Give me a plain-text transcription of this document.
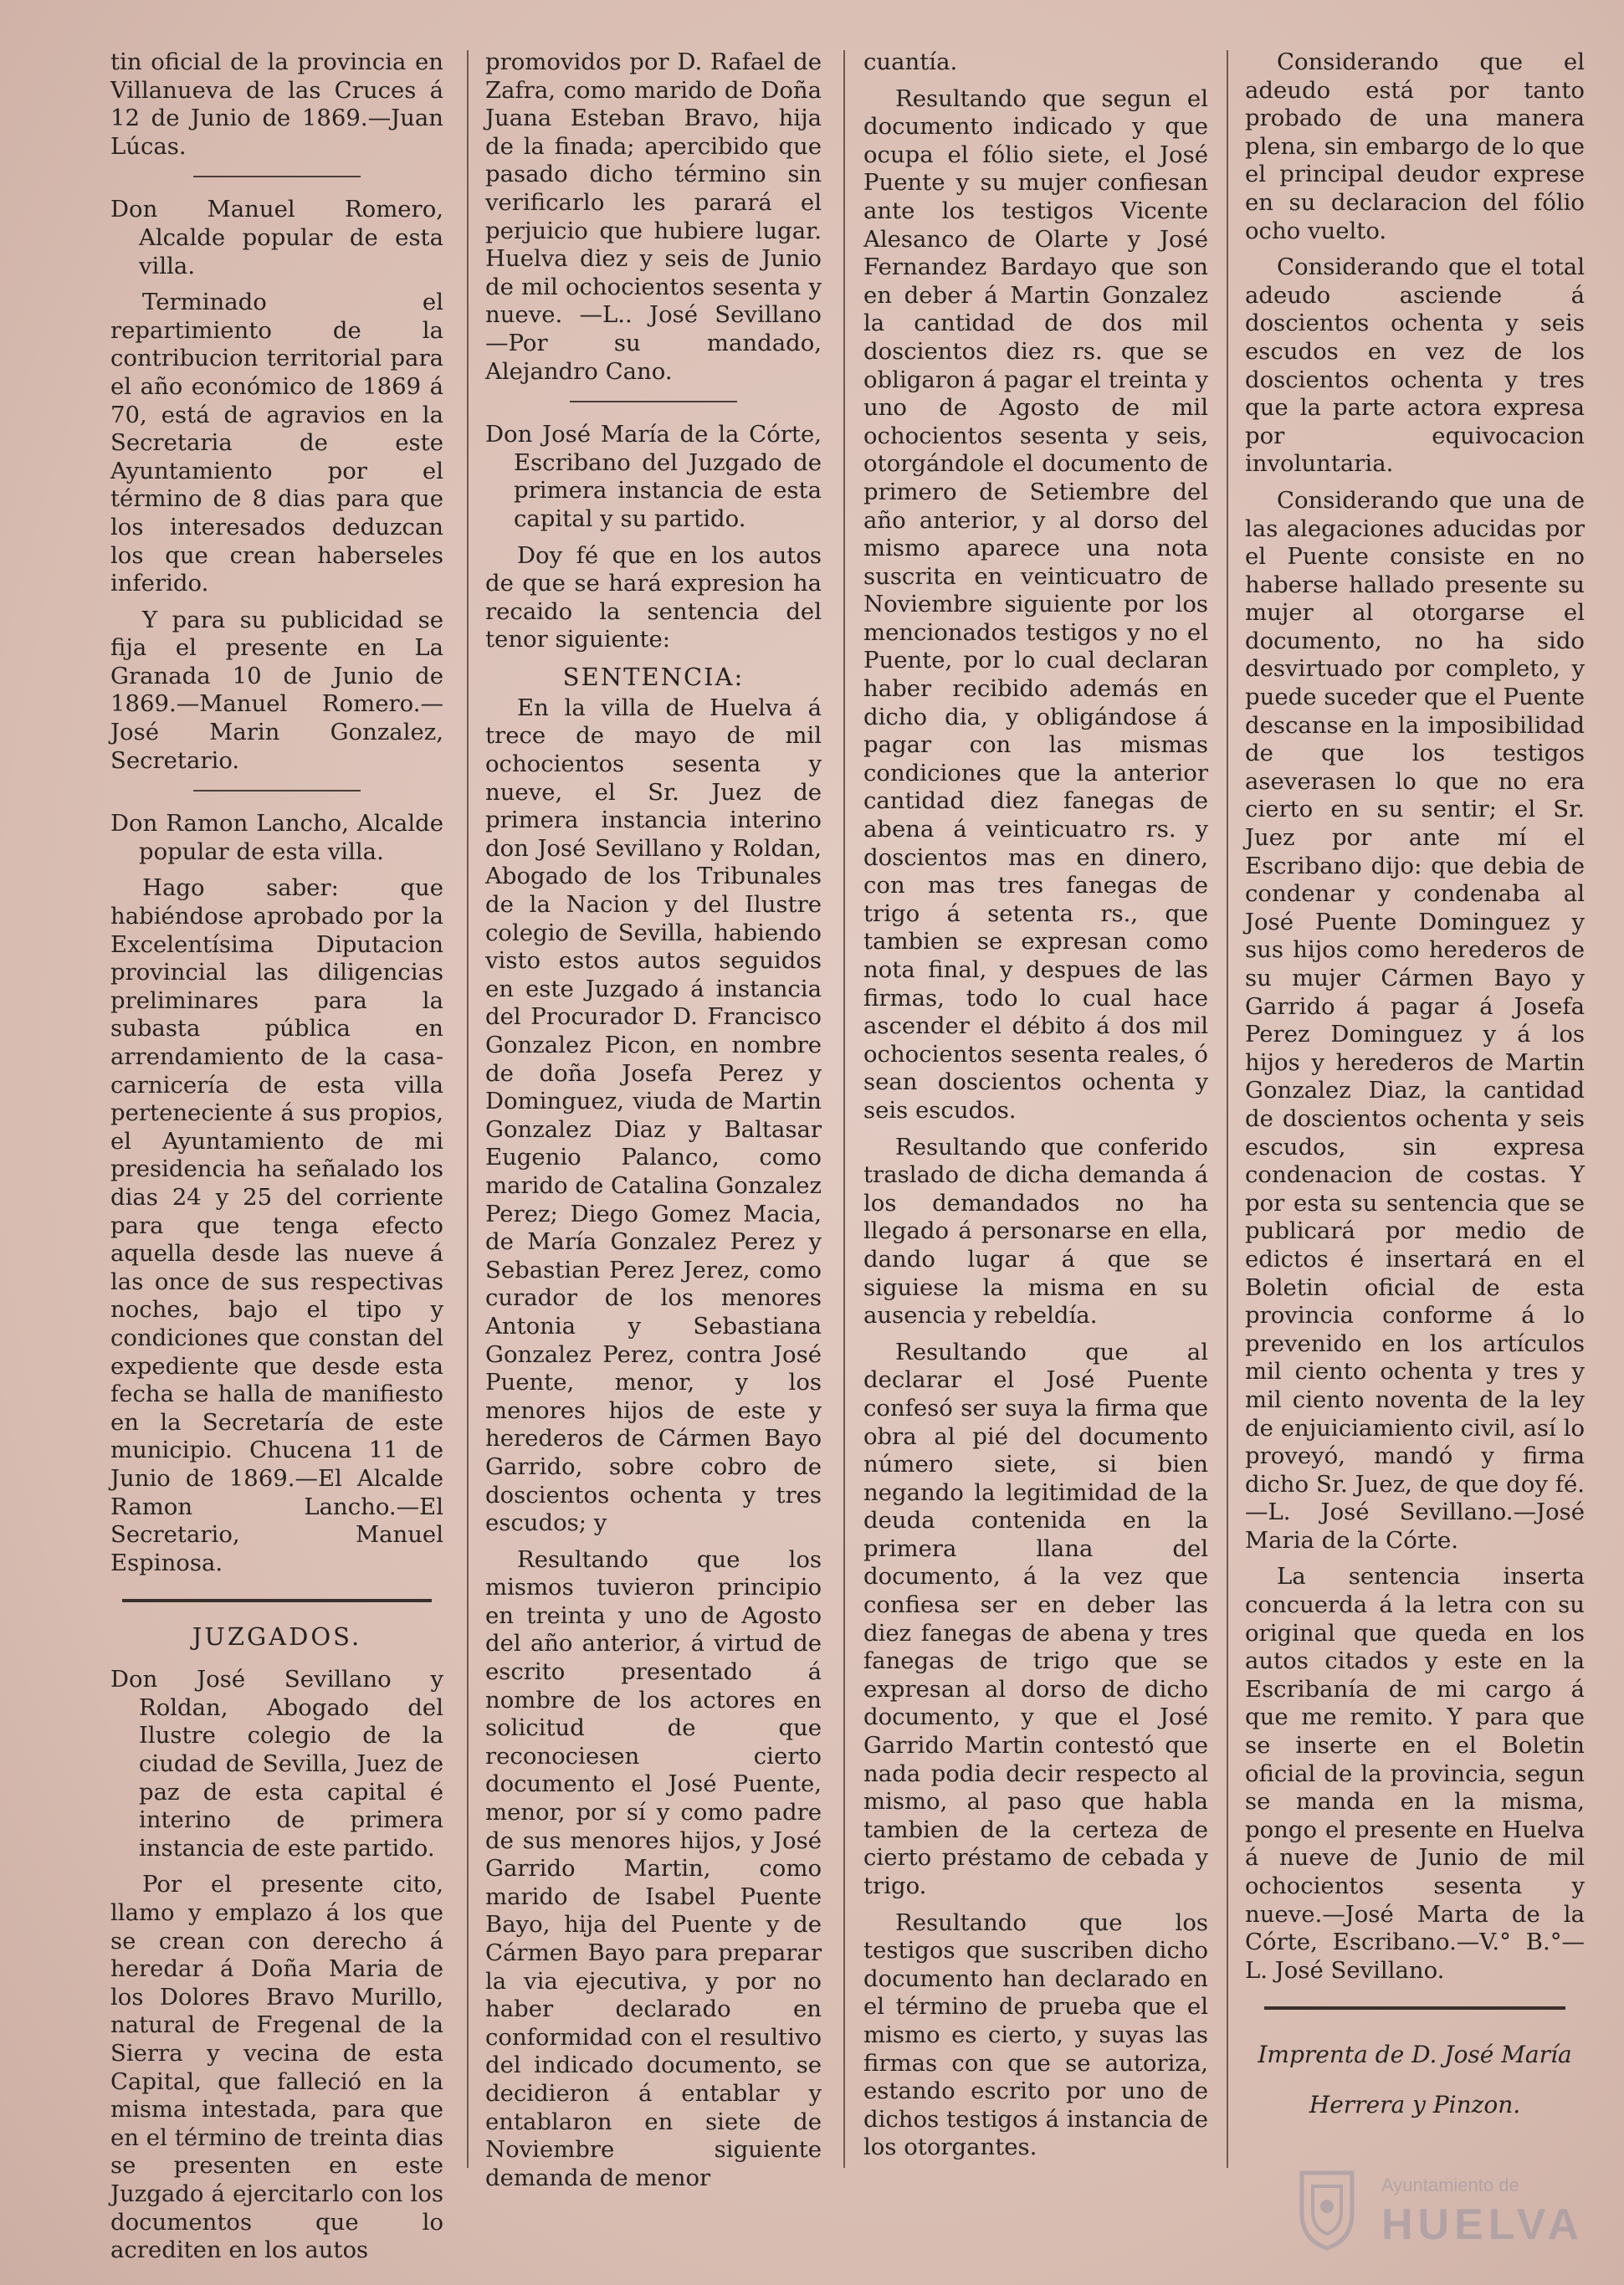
tin oficial de la provincia en Villanueva de las Cruces á 12 de Junio de 1869.—Juan Lúcas.

Don Manuel Romero, Alcalde popular de esta villa.

Terminado el repartimiento de la contribucion territorial para el año económico de 1869 á 70, está de agravios en la Secretaria de este Ayuntamiento por el término de 8 dias para que los interesados deduzcan los que crean haberseles inferido.

Y para su publicidad se fija el presente en La Granada 10 de Junio de 1869.—Manuel Romero.—José Marin Gonzalez, Secretario.

Don Ramon Lancho, Alcalde popular de esta villa.

Hago saber: que habiéndose aprobado por la Excelentísima Diputacion provincial las diligencias preliminares para la subasta pública en arrendamiento de la casa-carnicería de esta villa perteneciente á sus propios, el Ayuntamiento de mi presidencia ha señalado los dias 24 y 25 del corriente para que tenga efecto aquella desde las nueve á las once de sus respectivas noches, bajo el tipo y condiciones que constan del expediente que desde esta fecha se halla de manifiesto en la Secretaría de este municipio. Chucena 11 de Junio de 1869.—El Alcalde Ramon Lancho.—El Secretario, Manuel Espinosa.

JUZGADOS.

Don José Sevillano y Roldan, Abogado del Ilustre colegio de la ciudad de Sevilla, Juez de paz de esta capital é interino de primera instancia de este partido.

Por el presente cito, llamo y emplazo á los que se crean con derecho á heredar á Doña Maria de los Dolores Bravo Murillo, natural de Fregenal de la Sierra y vecina de esta Capital, que falleció en la misma intestada, para que en el término de treinta dias se presenten en este Juzgado á ejercitarlo con los documentos que lo acrediten en los autos

promovidos por D. Rafael de Zafra, como marido de Doña Juana Esteban Bravo, hija de la finada; apercibido que pasado dicho término sin verificarlo les parará el perjuicio que hubiere lugar. Huelva diez y seis de Junio de mil ochocientos sesenta y nueve. —L.. José Sevillano —Por su mandado, Alejandro Cano.

Don José María de la Córte, Escribano del Juzgado de primera instancia de esta capital y su partido.

Doy fé que en los autos de que se hará expresion ha recaido la sentencia del tenor siguiente:

SENTENCIA:

En la villa de Huelva á trece de mayo de mil ochocientos sesenta y nueve, el Sr. Juez de primera instancia interino don José Sevillano y Roldan, Abogado de los Tribunales de la Nacion y del Ilustre colegio de Sevilla, habiendo visto estos autos seguidos en este Juzgado á instancia del Procurador D. Francisco Gonzalez Picon, en nombre de doña Josefa Perez y Dominguez, viuda de Martin Gonzalez Diaz y Baltasar Eugenio Palanco, como marido de Catalina Gonzalez Perez; Diego Gomez Macia, de María Gonzalez Perez y Sebastian Perez Jerez, como curador de los menores Antonia y Sebastiana Gonzalez Perez, contra José Puente, menor, y los menores hijos de este y herederos de Cármen Bayo Garrido, sobre cobro de doscientos ochenta y tres escudos; y

Resultando que los mismos tuvieron principio en treinta y uno de Agosto del año anterior, á virtud de escrito presentado á nombre de los actores en solicitud de que reconociesen cierto documento el José Puente, menor, por sí y como padre de sus menores hijos, y José Garrido Martin, como marido de Isabel Puente Bayo, hija del Puente y de Cármen Bayo para preparar la via ejecutiva, y por no haber declarado en conformidad con el resultivo del indicado documento, se decidieron á entablar y entablaron en siete de Noviembre siguiente demanda de menor

cuantía.

Resultando que segun el documento indicado y que ocupa el fólio siete, el José Puente y su mujer confiesan ante los testigos Vicente Alesanco de Olarte y José Fernandez Bardayo que son en deber á Martin Gonzalez la cantidad de dos mil doscientos diez rs. que se obligaron á pagar el treinta y uno de Agosto de mil ochocientos sesenta y seis, otorgándole el documento de primero de Setiembre del año anterior, y al dorso del mismo aparece una nota suscrita en veinticuatro de Noviembre siguiente por los mencionados testigos y no el Puente, por lo cual declaran haber recibido además en dicho dia, y obligándose á pagar con las mismas condiciones que la anterior cantidad diez fanegas de abena á veinticuatro rs. y doscientos mas en dinero, con mas tres fanegas de trigo á setenta rs., que tambien se expresan como nota final, y despues de las firmas, todo lo cual hace ascender el débito á dos mil ochocientos sesenta reales, ó sean doscientos ochenta y seis escudos.

Resultando que conferido traslado de dicha demanda á los demandados no ha llegado á personarse en ella, dando lugar á que se siguiese la misma en su ausencia y rebeldía.

Resultando que al declarar el José Puente confesó ser suya la firma que obra al pié del documento número siete, si bien negando la legitimidad de la deuda contenida en la primera llana del documento, á la vez que confiesa ser en deber las diez fanegas de abena y tres fanegas de trigo que se expresan al dorso de dicho documento, y que el José Garrido Martin contestó que nada podia decir respecto al mismo, al paso que habla tambien de la certeza de cierto préstamo de cebada y trigo.

Resultando que los testigos que suscriben dicho documento han declarado en el término de prueba que el mismo es cierto, y suyas las firmas con que se autoriza, estando escrito por uno de dichos testigos á instancia de los otorgantes.

Considerando que el adeudo está por tanto probado de una manera plena, sin embargo de lo que el principal deudor exprese en su declaracion del fólio ocho vuelto.

Considerando que el total adeudo asciende á doscientos ochenta y seis escudos en vez de los doscientos ochenta y tres que la parte actora expresa por equivocacion involuntaria.

Considerando que una de las alegaciones aducidas por el Puente consiste en no haberse hallado presente su mujer al otorgarse el documento, no ha sido desvirtuado por completo, y puede suceder que el Puente descanse en la imposibilidad de que los testigos aseverasen lo que no era cierto en su sentir; el Sr. Juez por ante mí el Escribano dijo: que debia de condenar y condenaba al José Puente Dominguez y sus hijos como herederos de su mujer Cármen Bayo y Garrido á pagar á Josefa Perez Dominguez y á los hijos y herederos de Martin Gonzalez Diaz, la cantidad de doscientos ochenta y seis escudos, sin expresa condenacion de costas. Y por esta su sentencia que se publicará por medio de edictos é insertará en el Boletin oficial de esta provincia conforme á lo prevenido en los artículos mil ciento ochenta y tres y mil ciento noventa de la ley de enjuiciamiento civil, así lo proveyó, mandó y firma dicho Sr. Juez, de que doy fé.—L. José Sevillano.—José Maria de la Córte.

La sentencia inserta concuerda á la letra con su original que queda en los autos citados y este en la Escribanía de mi cargo á que me remito. Y para que se inserte en el Boletin oficial de la provincia, segun se manda en la misma, pongo el presente en Huelva á nueve de Junio de mil ochocientos sesenta y nueve.—José Marta de la Córte, Escribano.—V.° B.°—L. José Sevillano.

Imprenta de D. José María
Herrera y Pinzon.
Ayuntamiento de
HUELVA
